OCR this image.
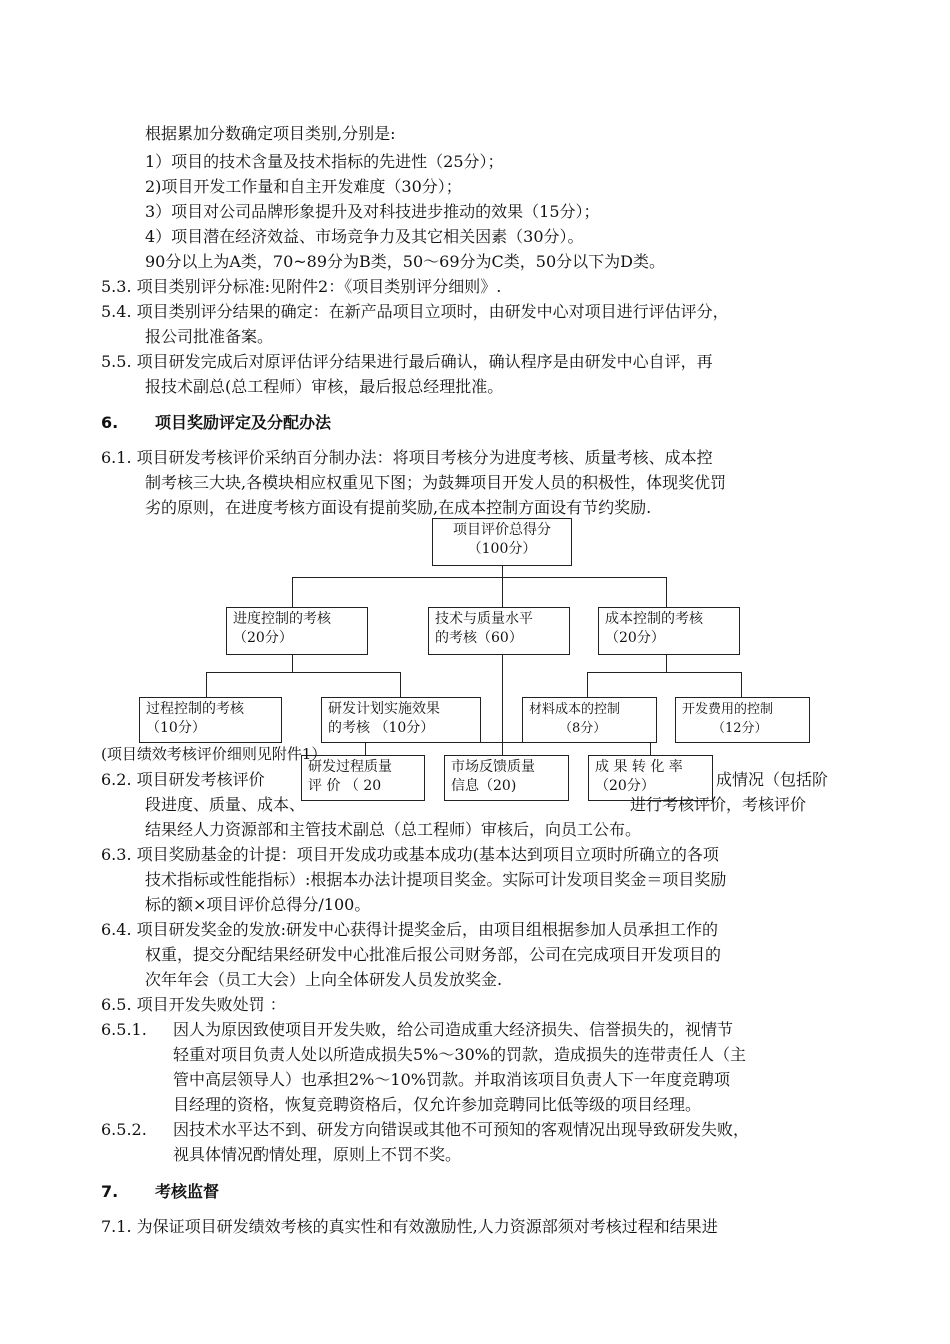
根据累加分数确定项目类别,分别是:
1）项目的技术含量及技术指标的先进性（25分）；
2)项目开发工作量和自主开发难度（30分）；
3）项目对公司品牌形象提升及对科技进步推动的效果（15分）；
4）项目潜在经济效益、市场竞争力及其它相关因素（30分）。
90分以上为A类，70~89分为B类，50～69分为C类，50分以下为D类。
5.3. 项目类别评分标准:见附件2：《项目类别评分细则》.
5.4. 项目类别评分结果的确定：在新产品项目立项时，由研发中心对项目进行评估评分，
报公司批准备案。
5.5. 项目研发完成后对原评估评分结果进行最后确认，确认程序是由研发中心自评，再
报技术副总(总工程师）审核，最后报总经理批准。
6. 项目奖励评定及分配办法
6.1. 项目研发考核评价采纳百分制办法：将项目考核分为进度考核、质量考核、成本控
制考核三大块,各模块相应权重见下图；为鼓舞项目开发人员的积极性，体现奖优罚
劣的原则，在进度考核方面设有提前奖励,在成本控制方面设有节约奖励.
项目评价总得分
（100分）
进度控制的考核
（20分）
技术与质量水平
的考核（60）
成本控制的考核
（20分）
过程控制的考核
（10分）
研发计划实施效果
的考核 （10分）
材料成本的控制
（8分）
开发费用的控制
（12分）
研发过程质量
评 价 （ 20
市场反馈质量
信息（20)
成 果 转 化 率
（20分）
(项目绩效考核评价细则见附件1）
6.2. 项目研发考核评价	成情况（包括阶
段进度、质量、成本、	进行考核评价，考核评价
结果经人力资源部和主管技术副总（总工程师）审核后，向员工公布。
6.3. 项目奖励基金的计提：项目开发成功或基本成功(基本达到项目立项时所确立的各项
技术指标或性能指标）:根据本办法计提项目奖金。实际可计发项目奖金＝项目奖励
标的额×项目评价总得分/100。
6.4. 项目研发奖金的发放:研发中心获得计提奖金后，由项目组根据参加人员承担工作的
权重，提交分配结果经研发中心批准后报公司财务部，公司在完成项目开发项目的
次年年会（员工大会）上向全体研发人员发放奖金.
6.5. 项目开发失败处罚 ：
6.5.1. 因人为原因致使项目开发失败，给公司造成重大经济损失、信誉损失的，视情节
轻重对项目负责人处以所造成损失5%～30%的罚款，造成损失的连带责任人（主
管中高层领导人）也承担2%～10%罚款。并取消该项目负责人下一年度竞聘项
目经理的资格，恢复竞聘资格后，仅允许参加竞聘同比低等级的项目经理。
6.5.2. 因技术水平达不到、研发方向错误或其他不可预知的客观情况出现导致研发失败，
视具体情况酌情处理，原则上不罚不奖。
7. 考核监督
7.1. 为保证项目研发绩效考核的真实性和有效激励性,人力资源部须对考核过程和结果进
